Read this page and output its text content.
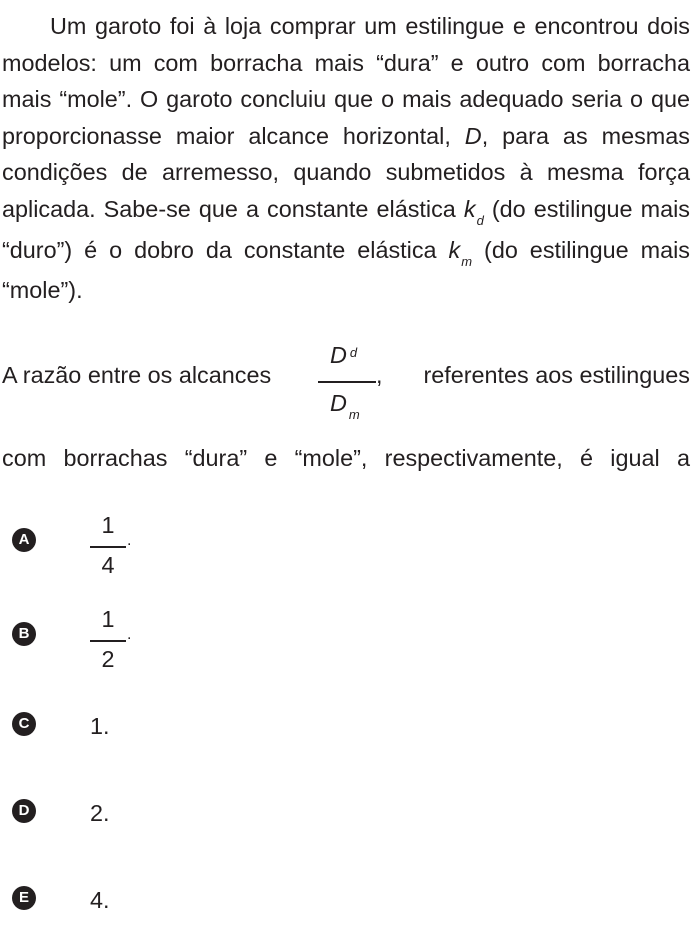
Um garoto foi à loja comprar um estilingue e encontrou dois modelos: um com borracha mais “dura” e outro com borracha mais “mole”. O garoto concluiu que o mais adequado seria o que proporcionasse maior alcance horizontal, D, para as mesmas condições de arremesso, quando submetidos à mesma força aplicada. Sabe-se que a constante elástica $k_d$ (do estilingue mais “duro”) é o dobro da constante elástica $k_m$ (do estilingue mais “mole”).

A razão entre os alcances
D $^d$
D $_m$
, referentes aos estilingues
com borrachas “dura” e “mole”, respectivamente, é igual a
A
1
4
.
B
1
2
.
C	1.
D	2.
E	4.
